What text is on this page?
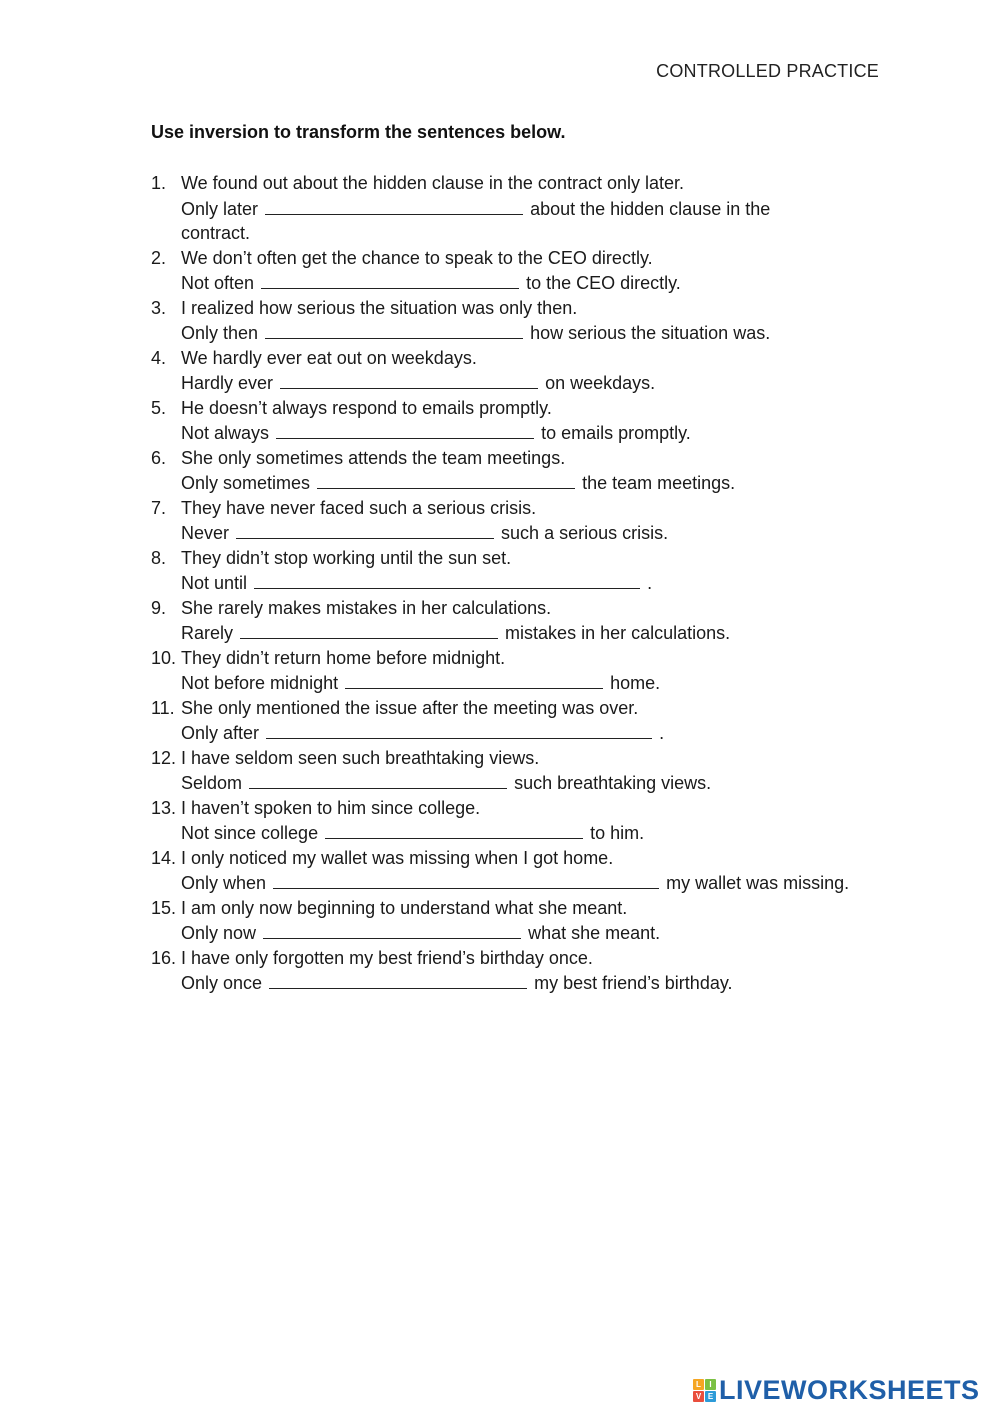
CONTROLLED PRACTICE
Use inversion to transform the sentences below.
1. We found out about the hidden clause in the contract only later.
Only later	about the hidden clause in the contract.
2. We don’t often get the chance to speak to the CEO directly.
Not often	to the CEO directly.
3. I realized how serious the situation was only then.
Only then	how serious the situation was.
4. We hardly ever eat out on weekdays.
Hardly ever	on weekdays.
5. He doesn’t always respond to emails promptly.
Not always	to emails promptly.
6. She only sometimes attends the team meetings.
Only sometimes	the team meetings.
7. They have never faced such a serious crisis.
Never	such a serious crisis.
8. They didn’t stop working until the sun set.
Not until	.
9. She rarely makes mistakes in her calculations.
Rarely	mistakes in her calculations.
10. They didn’t return home before midnight.
Not before midnight	home.
11. She only mentioned the issue after the meeting was over.
Only after	.
12. I have seldom seen such breathtaking views.
Seldom	such breathtaking views.
13. I haven’t spoken to him since college.
Not since college	to him.
14. I only noticed my wallet was missing when I got home.
Only when	my wallet was missing.
15. I am only now beginning to understand what she meant.
Only now	what she meant.
16. I have only forgotten my best friend’s birthday once.
Only once	my best friend’s birthday.
L	I
V E LIVEWORKSHEETS
